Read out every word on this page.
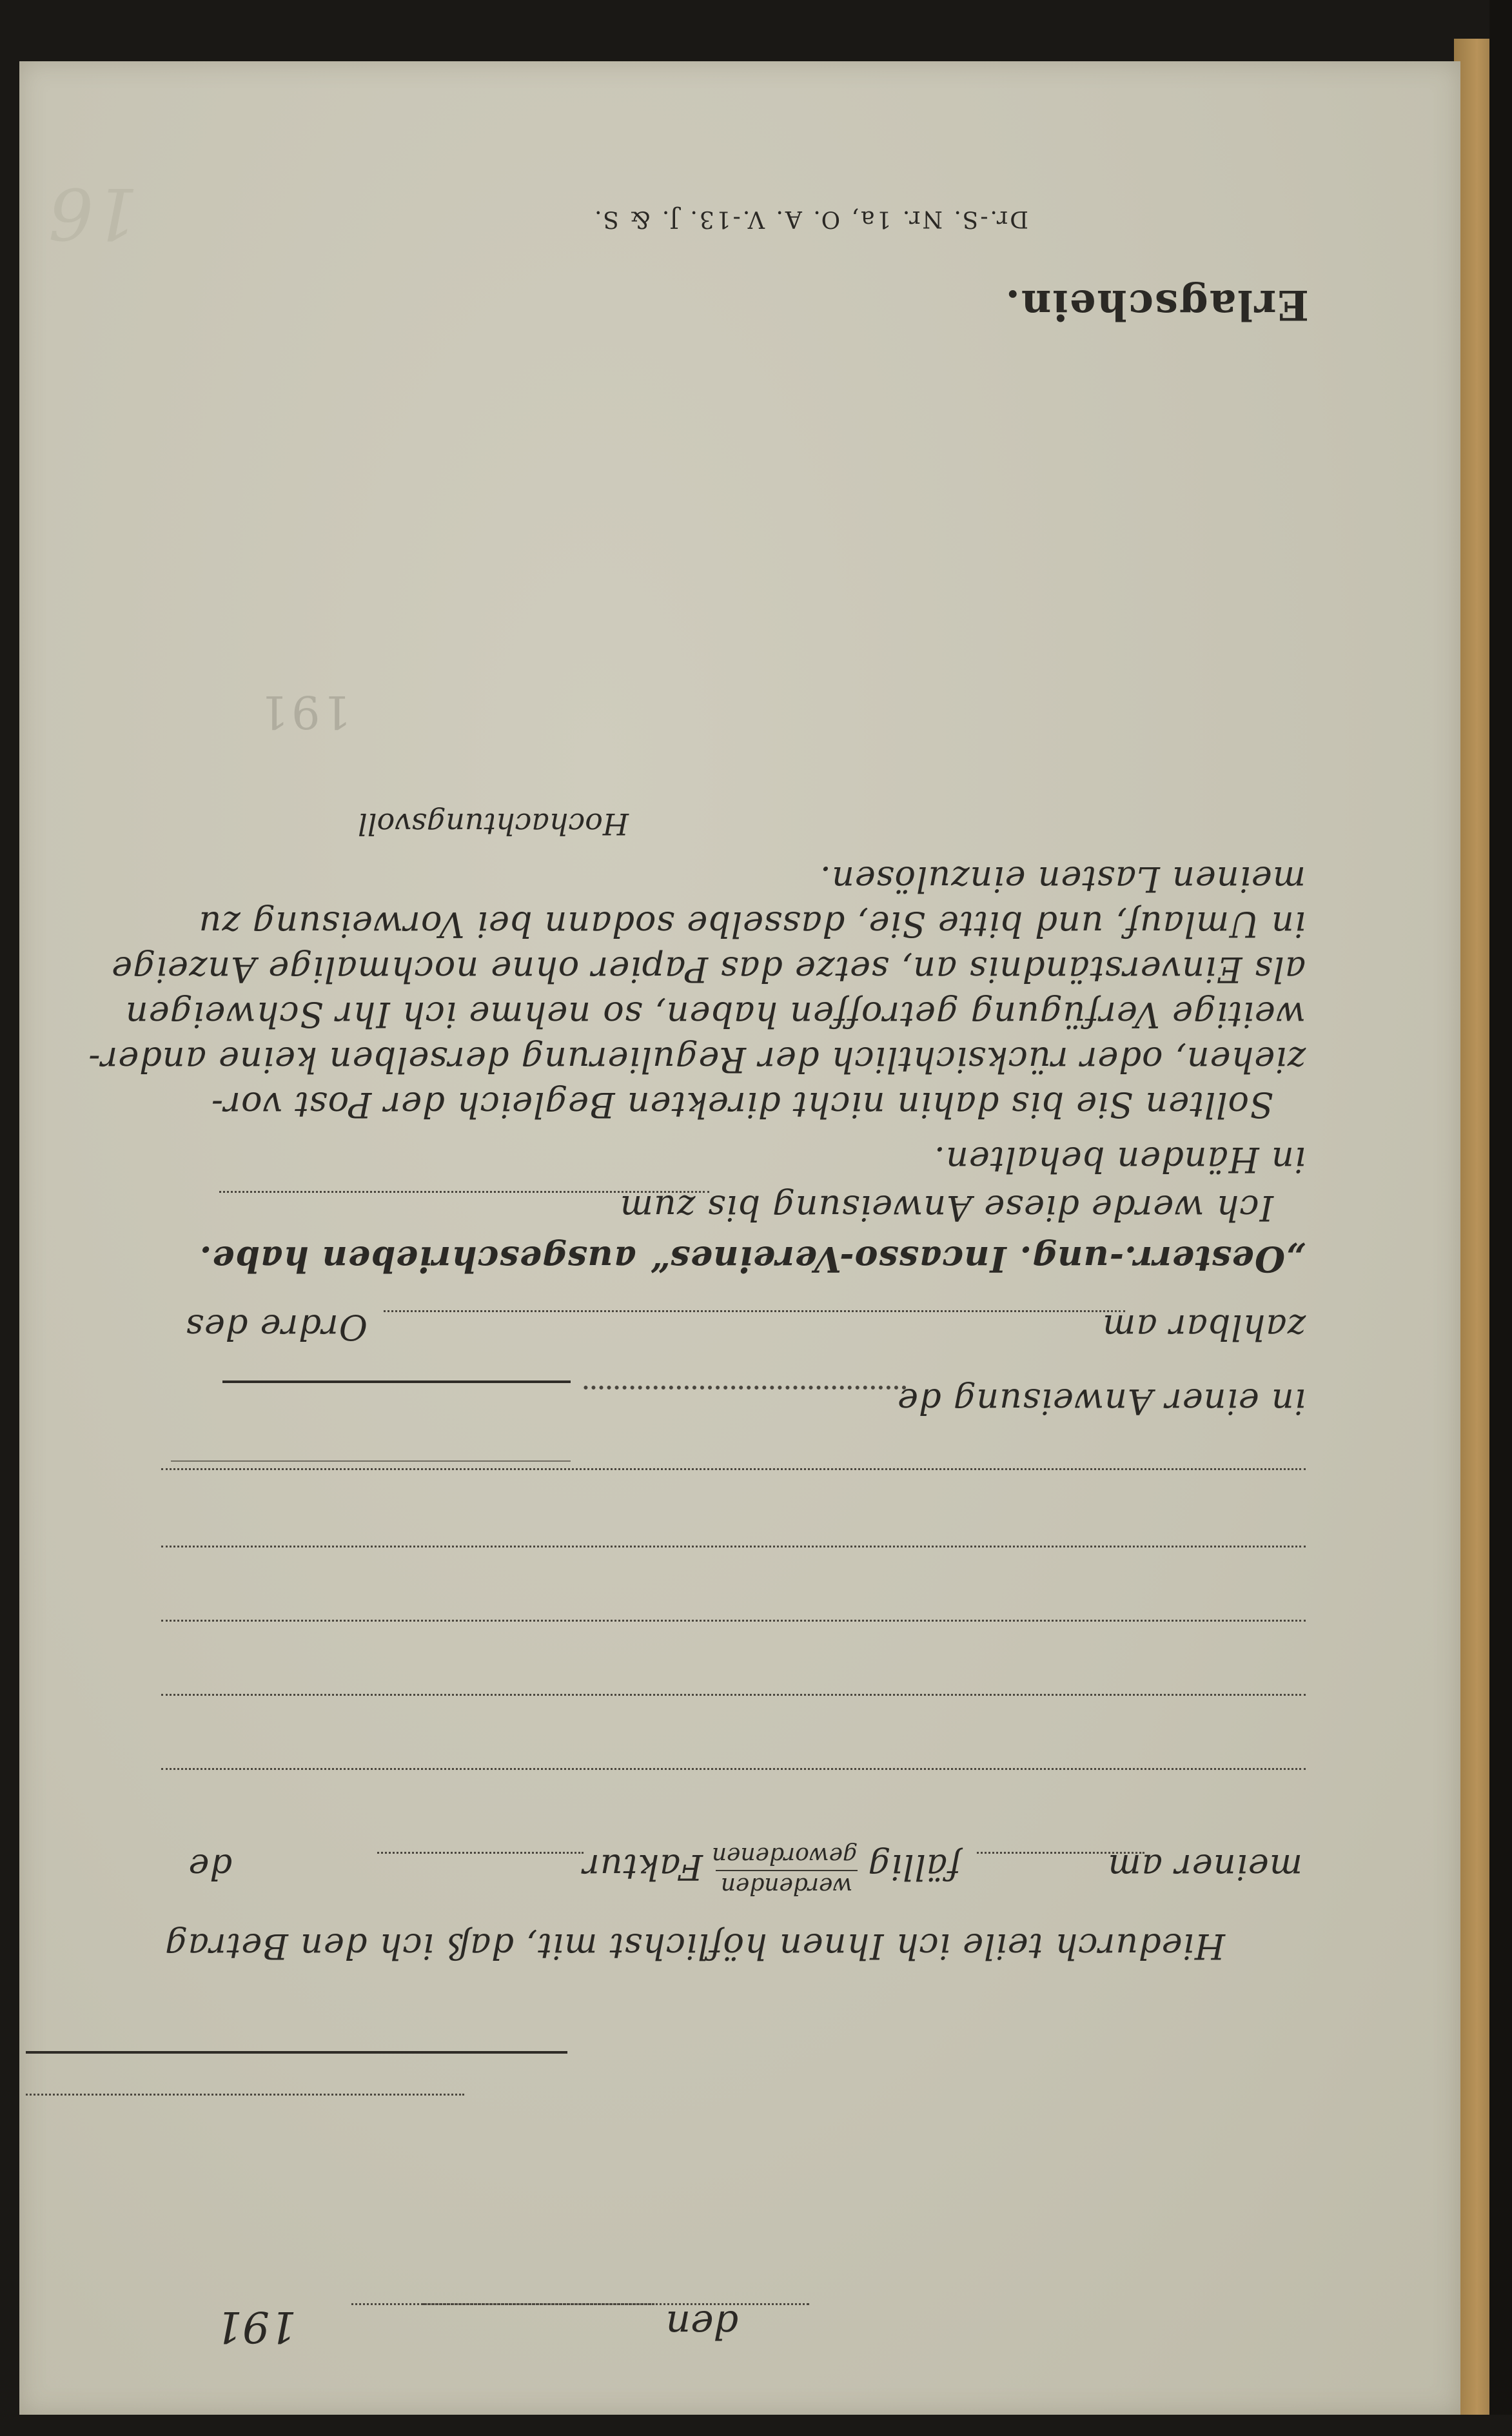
den
191
Hiedurch teile ich Ihnen höflichst mit, daß ich den Betrag
meiner am
fällig
werdenden
gewordenen
Faktur
de
in einer Anweisung de
zahlbar am
Ordre des
„Oesterr.-ung. Incasso-Vereines“ ausgeschrieben habe.
Ich werde diese Anweisung bis zum
in Händen behalten.
Sollten Sie bis dahin nicht direkten Begleich der Post vor-
ziehen, oder rücksichtlich der Regulierung derselben keine ander-
weitige Verfügung getroffen haben, so nehme ich Ihr Schweigen
als Einverständnis an, setze das Papier ohne nochmalige Anzeige
in Umlauf, und bitte Sie, dasselbe sodann bei Vorweisung zu
meinen Lasten einzulösen.
Hochachtungsvoll
191
Erlagschein.
Dr.-S. Nr. 1a, O. A. V.-13. J. & S.
16
